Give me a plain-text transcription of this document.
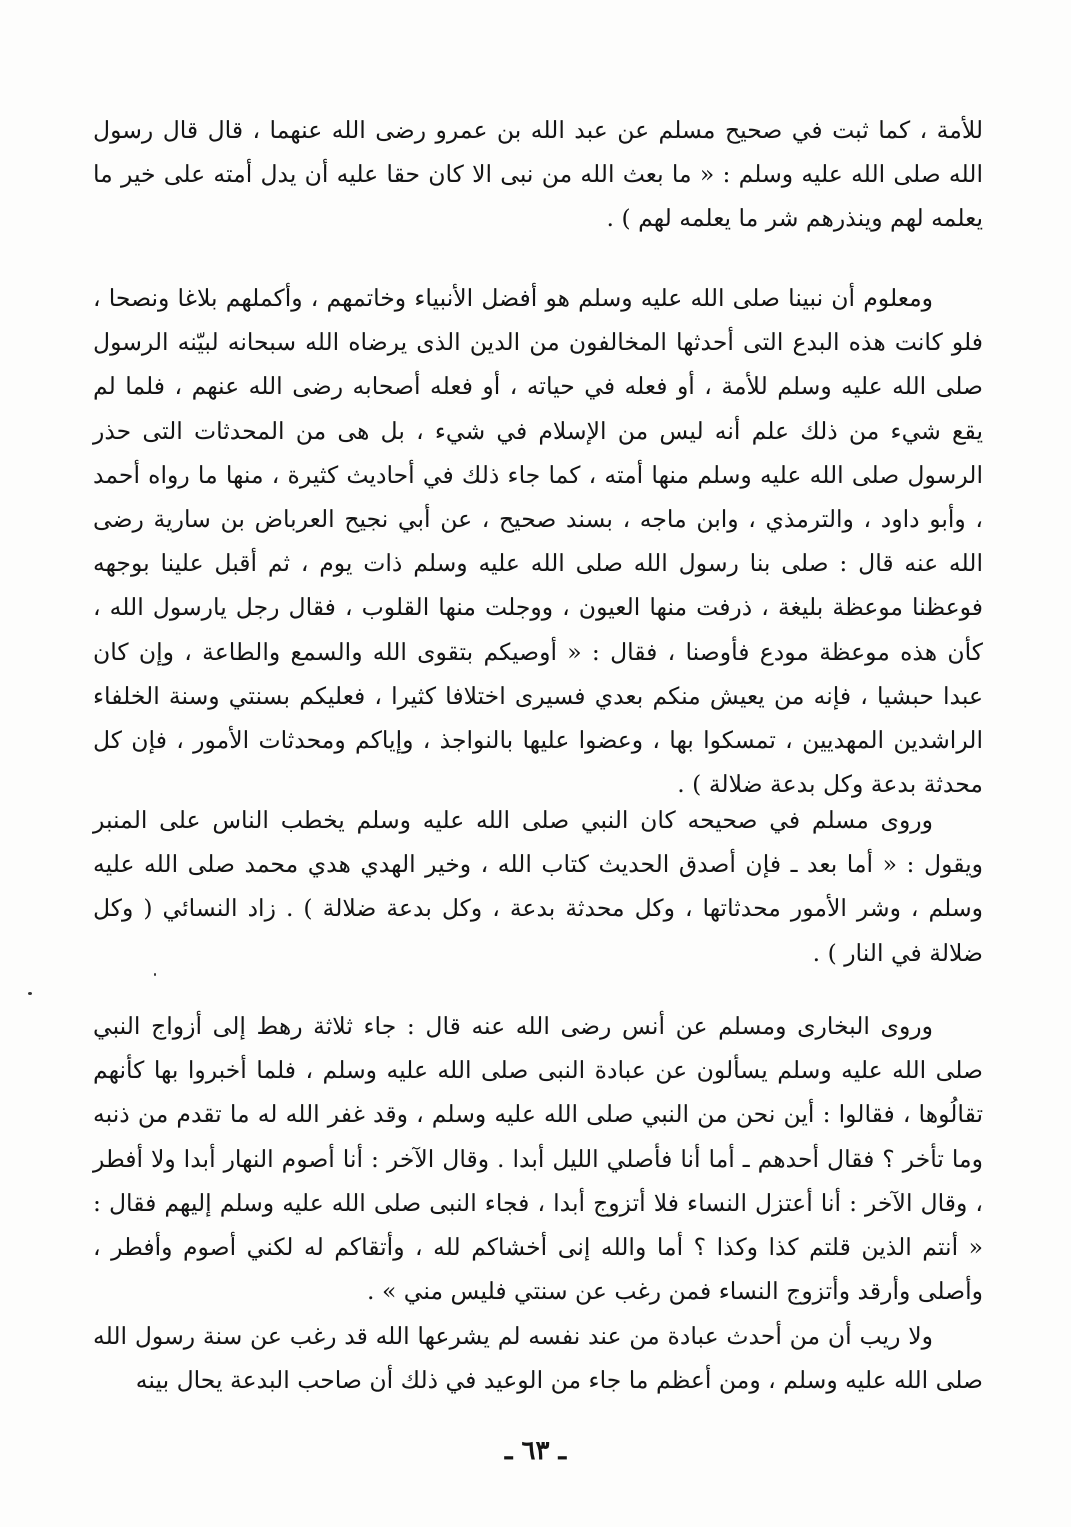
للأمة ، كما ثبت في صحيح مسلم عن عبد الله بن عمرو رضى الله عنهما ، قال قال رسول الله صلى الله عليه وسلم : « ما بعث الله من نبى الا كان حقا عليه أن يدل أمته على خير ما يعلمه لهم وينذرهم شر ما يعلمه لهم ) .

ومعلوم أن نبينا صلى الله عليه وسلم هو أفضل الأنبياء وخاتمهم ، وأكملهم بلاغا ونصحا ، فلو كانت هذه البدع التى أحدثها المخالفون من الدين الذى يرضاه الله سبحانه لبيّنه الرسول صلى الله عليه وسلم للأمة ، أو فعله في حياته ، أو فعله أصحابه رضى الله عنهم ، فلما لم يقع شيء من ذلك علم أنه ليس من الإسلام في شيء ، بل هى من المحدثات التى حذر الرسول صلى الله عليه وسلم منها أمته ، كما جاء ذلك في أحاديث كثيرة ، منها ما رواه أحمد ، وأبو داود ، والترمذي ، وابن ماجه ، بسند صحيح ، عن أبي نجيح العرباض بن سارية رضى الله عنه قال : صلى بنا رسول الله صلى الله عليه وسلم ذات يوم ، ثم أقبل علينا بوجهه فوعظنا موعظة بليغة ، ذرفت منها العيون ، ووجلت منها القلوب ، فقال رجل يارسول الله ، كأن هذه موعظة مودع فأوصنا ، فقال : « أوصيكم بتقوى الله والسمع والطاعة ، وإن كان عبدا حبشيا ، فإنه من يعيش منكم بعدي فسيرى اختلافا كثيرا ، فعليكم بسنتي وسنة الخلفاء الراشدين المهديين ، تمسكوا بها ، وعضوا عليها بالنواجذ ، وإياكم ومحدثات الأمور ، فإن كل محدثة بدعة وكل بدعة ضلالة ) .

وروى مسلم في صحيحه كان النبي صلى الله عليه وسلم يخطب الناس على المنبر ويقول : « أما بعد ـ فإن أصدق الحديث كتاب الله ، وخير الهدي هدي محمد صلى الله عليه وسلم ، وشر الأمور محدثاتها ، وكل محدثة بدعة ، وكل بدعة ضلالة ) . زاد النسائي ( وكل ضلالة في النار ) .

وروى البخارى ومسلم عن أنس رضى الله عنه قال : جاء ثلاثة رهط إلى أزواج النبي صلى الله عليه وسلم يسألون عن عبادة النبى صلى الله عليه وسلم ، فلما أخبروا بها كأنهم تقالُوها ، فقالوا : أين نحن من النبي صلى الله عليه وسلم ، وقد غفر الله له ما تقدم من ذنبه وما تأخر ؟ فقال أحدهم ـ أما أنا فأصلي الليل أبدا . وقال الآخر : أنا أصوم النهار أبدا ولا أفطر ، وقال الآخر : أنا أعتزل النساء فلا أتزوج أبدا ، فجاء النبى صلى الله عليه وسلم إليهم فقال : « أنتم الذين قلتم كذا وكذا ؟ أما والله إنى أخشاكم لله ، وأتقاكم له لكني أصوم وأفطر ، وأصلى وأرقد وأتزوج النساء فمن رغب عن سنتي فليس مني » .

ولا ريب أن من أحدث عبادة من عند نفسه لم يشرعها الله قد رغب عن سنة رسول الله صلى الله عليه وسلم ، ومن أعظم ما جاء من الوعيد في ذلك أن صاحب البدعة يحال بينه

ـ ٦٣ ـ
